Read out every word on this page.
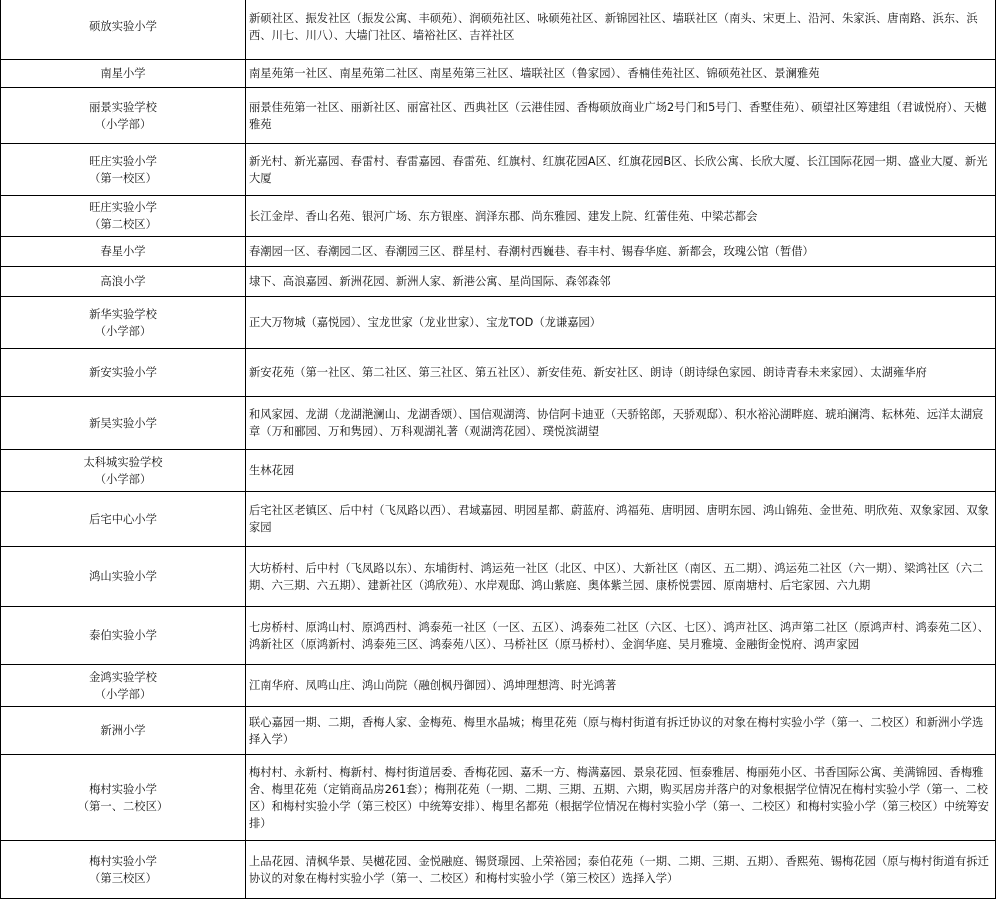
硕放实验小学	新硕社区、振发社区（振发公寓、丰硕苑）、润硕苑社区、咏硕苑社区、新锦园社区、墙联社区（南头、宋更上、沿河、朱家浜、唐南路、浜东、浜西、川七、川八）、大墙门社区、墙裕社区、吉祥社区
南星小学	南星苑第一社区、南星苑第二社区、南星苑第三社区、墙联社区（鲁家园）、香楠佳苑社区、锦硕苑社区、景澜雅苑
丽景实验学校
（小学部）	丽景佳苑第一社区、丽新社区、丽富社区、西典社区（云港佳园、香梅硕放商业广场2号门和5号门、香墅佳苑）、硕望社区筹建组（君诚悦府）、天樾雅苑
旺庄实验小学
（第一校区）	新光村、新光嘉园、春雷村、春雷嘉园、春雷苑、红旗村、红旗花园A区、红旗花园B区、长欣公寓、长欣大厦、长江国际花园一期、盛业大厦、新光大厦
旺庄实验小学
（第二校区）	长江金岸、香山名苑、银河广场、东方银座、润泽东郡、尚东雅园、建发上院、红蕾佳苑、中梁芯都会
春星小学	春潮园一区、春潮园二区、春潮园三区、群星村、春潮村西巍巷、春丰村、锡春华庭、新都会，玫瑰公馆（暂借）
高浪小学	埭下、高浪嘉园、新洲花园、新洲人家、新港公寓、星尚国际、森邻森邻
新华实验学校
（小学部）	正大万物城（嘉悦园）、宝龙世家（龙业世家）、宝龙TOD（龙谦嘉园）
新安实验小学	新安花苑（第一社区、第二社区、第三社区、第五社区）、新安佳苑、新安社区、朗诗（朗诗绿色家园、朗诗青春未来家园）、太湖雍华府
新吴实验小学	和风家园、龙湖（龙湖滟澜山、龙湖香颂）、国信观湖湾、协信阿卡迪亚（天骄铭郎，天骄观邸）、积水裕沁湖畔庭、琥珀澜湾、耘林苑、远洋太湖宸章（万和郦园、万和隽园）、万科观湖礼著（观湖湾花园）、璞悦滨湖望
太科城实验学校
（小学部）	生林花园
后宅中心小学	后宅社区老镇区、后中村（飞凤路以西）、君域嘉园、明园星都、蔚蓝府、鸿福苑、唐明园、唐明东园、鸿山锦苑、金世苑、明欣苑、双象家园、双象家园
鸿山实验小学	大坊桥村、后中村（飞凤路以东）、东埔街村、鸿运苑一社区（北区、中区）、大新社区（南区、五二期）、鸿运苑二社区（六一期）、梁鸿社区（六二期、六三期、六五期）、建新社区（鸿欣苑）、水岸观邸、鸿山紫庭、奥体紫兰园、康桥悦雲园、原南塘村、后宅家园、六九期
泰伯实验小学	七房桥村、原鸿山村、原鸿西村、鸿泰苑一社区（一区、五区）、鸿泰苑二社区（六区、七区）、鸿声社区、鸿声第二社区（原鸿声村、鸿泰苑二区）、鸿新社区（原鸿新村、鸿泰苑三区、鸿泰苑八区）、马桥社区（原马桥村）、金润华庭、吴月雅境、金融街金悦府、鸿声家园
金鸿实验学校
（小学部）	江南华府、凤鸣山庄、鸿山尚院（融创枫丹御园）、鸿坤理想湾、时光鸿著
新洲小学	联心嘉园一期、二期，香梅人家、金梅苑、梅里水晶城；梅里花苑（原与梅村街道有拆迁协议的对象在梅村实验小学（第一、二校区）和新洲小学选择入学）
梅村实验小学
（第一、二校区）	梅村村、永新村、梅新村、梅村街道居委、香梅花园、嘉禾一方、梅满嘉园、景泉花园、恒泰雅居、梅丽苑小区、书香国际公寓、美满锦园、香梅雅舍、梅里花苑（定销商品房261套）；梅荆花苑（一期、二期、三期、五期、六期，购买居房并落户的对象根据学位情况在梅村实验小学（第一、二校区）和梅村实验小学（第三校区）中统筹安排）、梅里名都苑（根据学位情况在梅村实验小学（第一、二校区）和梅村实验小学（第三校区）中统筹安排）
梅村实验小学
（第三校区）	上品花园、清枫华景、吴樾花园、金悦融庭、锡贤璟园、上荣裕园；泰伯花苑（一期、二期、三期、五期）、香熙苑、锡梅花园（原与梅村街道有拆迁协议的对象在梅村实验小学（第一、二校区）和梅村实验小学（第三校区）选择入学）
